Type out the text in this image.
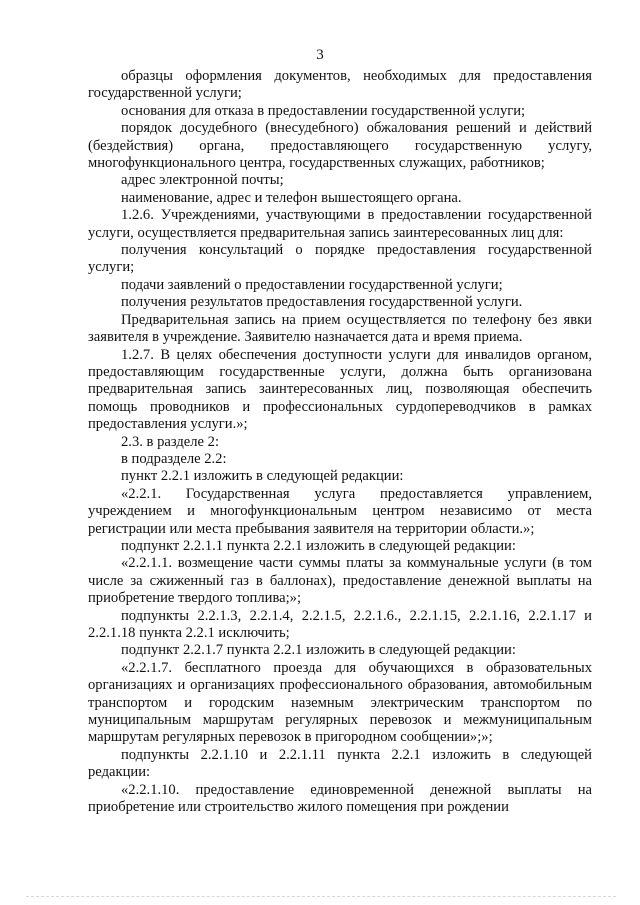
3

образцы оформления документов, необходимых для предоставления государственной услуги;

основания для отказа в предоставлении государственной услуги;

порядок досудебного (внесудебного) обжалования решений и действий (бездействия) органа, предоставляющего государственную услугу, многофункционального центра, государственных служащих, работников;

адрес электронной почты;

наименование, адрес и телефон вышестоящего органа.

1.2.6. Учреждениями, участвующими в предоставлении государственной услуги, осуществляется предварительная запись заинтересованных лиц для:

получения консультаций о порядке предоставления государственной услуги;

подачи заявлений о предоставлении государственной услуги;

получения результатов предоставления государственной услуги.

Предварительная запись на прием осуществляется по телефону без явки заявителя в учреждение. Заявителю назначается дата и время приема.

1.2.7. В целях обеспечения доступности услуги для инвалидов органом, предоставляющим государственные услуги, должна быть организована предварительная запись заинтересованных лиц, позволяющая обеспечить помощь проводников и профессиональных сурдопереводчиков в рамках предоставления услуги.»;

2.3. в разделе 2:

в подразделе 2.2:

пункт 2.2.1 изложить в следующей редакции:

«2.2.1. Государственная услуга предоставляется управлением, учреждением и многофункциональным центром независимо от места регистрации или места пребывания заявителя на территории области.»;

подпункт 2.2.1.1 пункта 2.2.1 изложить в следующей редакции:

«2.2.1.1. возмещение части суммы платы за коммунальные услуги (в том числе за сжиженный газ в баллонах), предоставление денежной выплаты на приобретение твердого топлива;»;

подпункты 2.2.1.3, 2.2.1.4, 2.2.1.5, 2.2.1.6., 2.2.1.15, 2.2.1.16, 2.2.1.17 и 2.2.1.18 пункта 2.2.1 исключить;

подпункт 2.2.1.7 пункта 2.2.1 изложить в следующей редакции:

«2.2.1.7. бесплатного проезда для обучающихся в образовательных организациях и организациях профессионального образования, автомобильным транспортом и городским наземным электрическим транспортом по муниципальным маршрутам регулярных перевозок и межмуниципальным маршрутам регулярных перевозок в пригородном сообщении»;»;

подпункты 2.2.1.10 и 2.2.1.11 пункта 2.2.1 изложить в следующей редакции:

«2.2.1.10. предоставление единовременной денежной выплаты на приобретение или строительство жилого помещения при рождении
